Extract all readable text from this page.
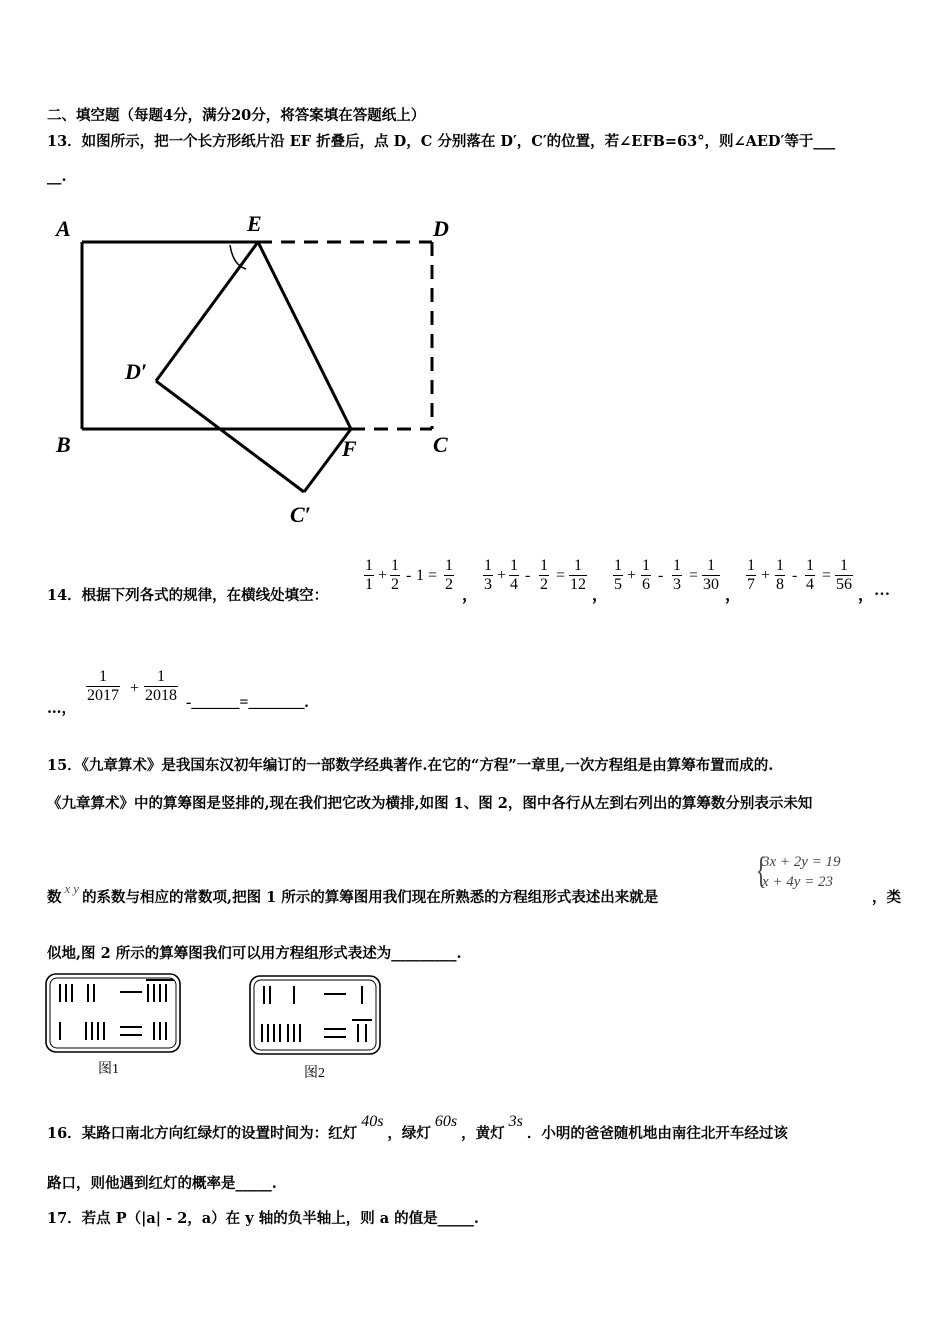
二、填空题（每题4分，满分20分，将答案填在答题纸上）
13．如图所示，把一个长方形纸片沿 EF 折叠后，点 D，C 分别落在 D′，C′的位置，若∠EFB=63°，则∠AED′等于___
__.
A	E	D
D′
B	F	C
C′
14．根据下列各式的规律，在横线处填空：
$\frac{1}{1} + \frac{1}{2} - 1 = \frac{1}{2}$
，
$\frac{1}{3} + \frac{1}{4} - \frac{1}{2} = \frac{1}{12}$
，
$\frac{1}{5} + \frac{1}{6} - \frac{1}{3} = \frac{1}{30}$
，
$\frac{1}{7} + \frac{1}{8} - \frac{1}{4} = \frac{1}{56}$
， …
…，
$\frac{1}{2017} + \frac{1}{2018}$ -______=_______.
15．《九章算术》是我国东汉初年编订的一部数学经典著作.在它的“方程”一章里,一次方程组是由算筹布置而成的.
《九章算术》中的算筹图是竖排的,现在我们把它改为横排,如图 1、图 2，图中各行从左到右列出的算筹数分别表示未知
数x y的系数与相应的常数项,把图 1 所示的算筹图用我们现在所熟悉的方程组形式表述出来就是
{
3x + 2y = 19
x + 4y = 23
，类
似地,图 2 所示的算筹图我们可以用方程组形式表述为_________.
图1	图2
16．某路口南北方向红绿灯的设置时间为：红灯40s，绿灯60s，黄灯3s．小明的爸爸随机地由南往北开车经过该
路口，则他遇到红灯的概率是_____.
17．若点 P（|a| - 2，a）在 y 轴的负半轴上，则 a 的值是_____.
